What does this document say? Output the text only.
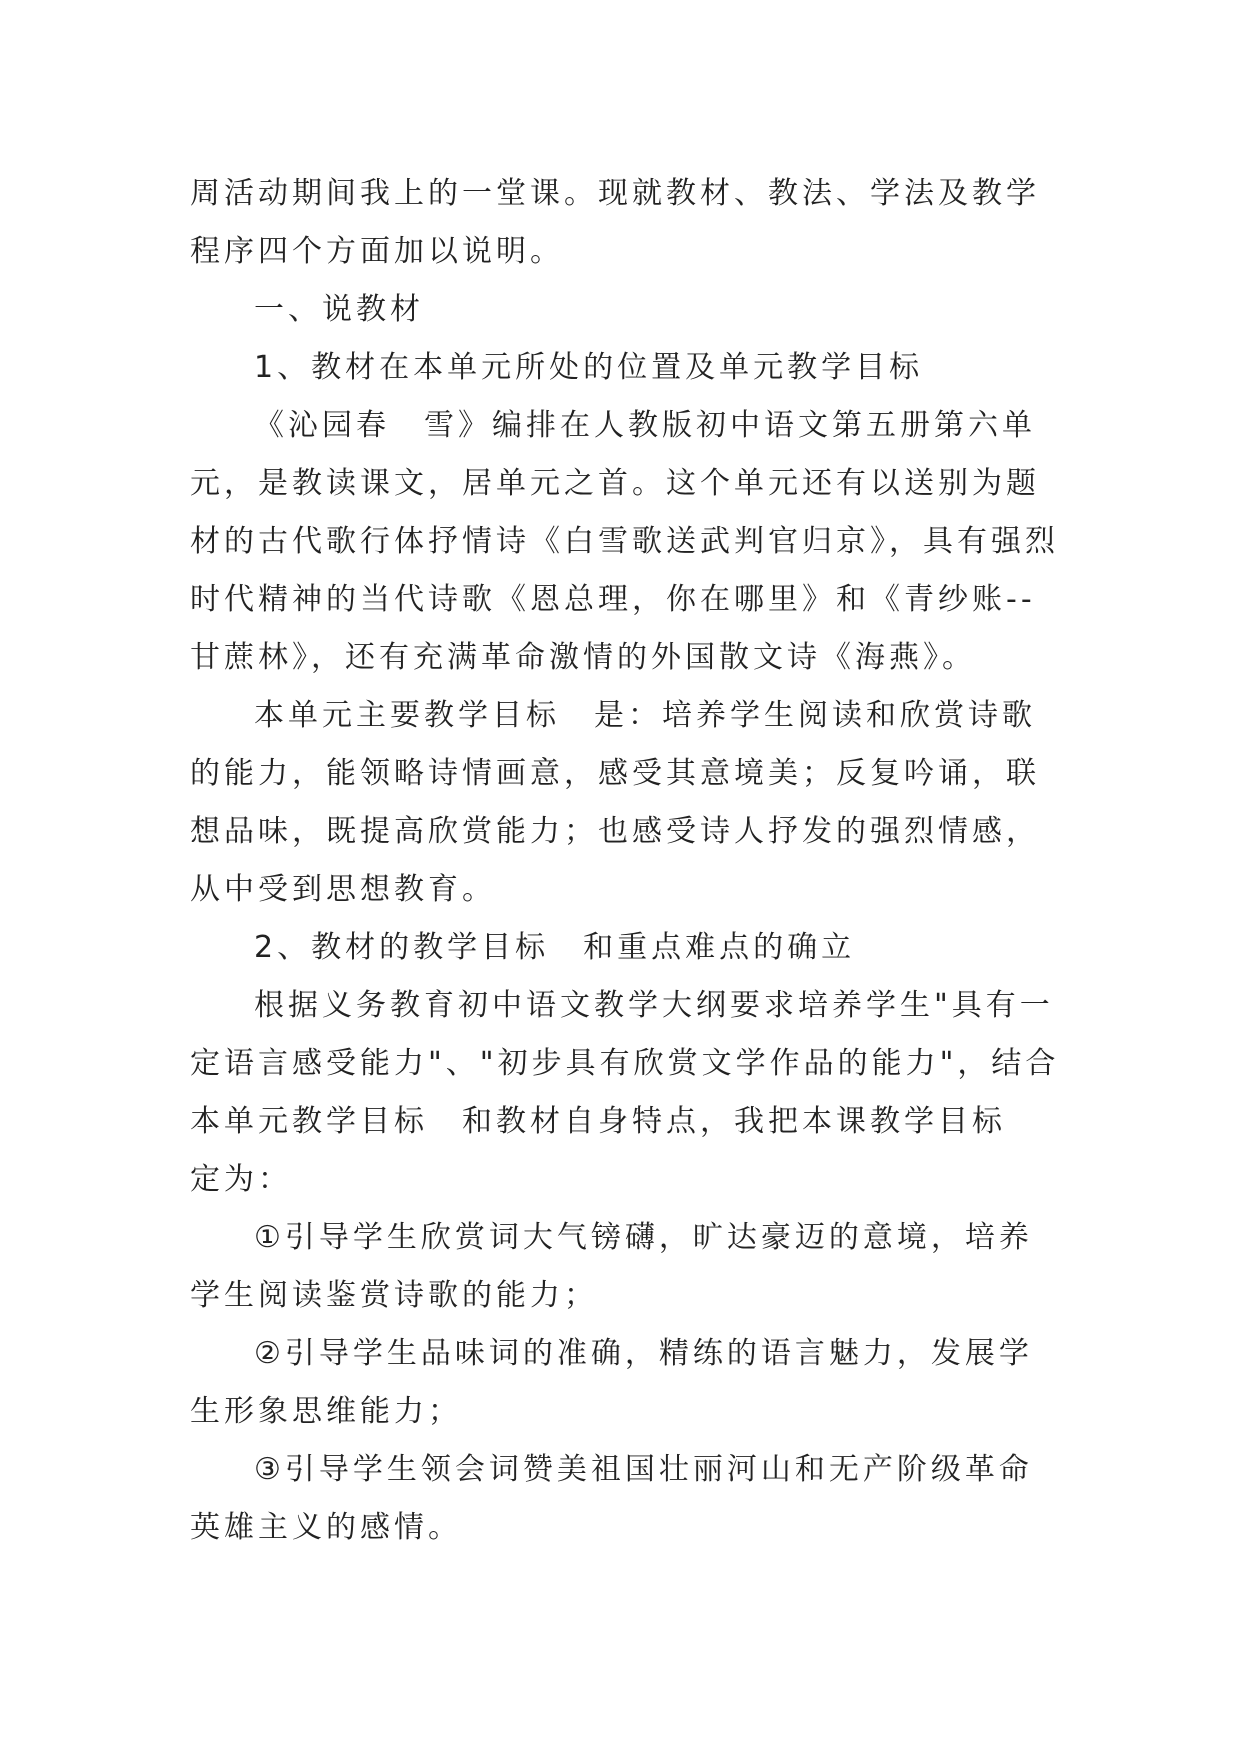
周活动期间我上的一堂课。现就教材、教法、学法及教学程序四个方面加以说明。

一、说教材

1、教材在本单元所处的位置及单元教学目标

《沁园春　雪》编排在人教版初中语文第五册第六单元，是教读课文，居单元之首。这个单元还有以送别为题材的古代歌行体抒情诗《白雪歌送武判官归京》，具有强烈时代精神的当代诗歌《恩总理，你在哪里》和《青纱账--甘蔗林》，还有充满革命激情的外国散文诗《海燕》。

本单元主要教学目标　是：培养学生阅读和欣赏诗歌的能力，能领略诗情画意，感受其意境美；反复吟诵，联想品味，既提高欣赏能力；也感受诗人抒发的强烈情感，从中受到思想教育。

2、教材的教学目标　和重点难点的确立

根据义务教育初中语文教学大纲要求培养学生"具有一定语言感受能力"、"初步具有欣赏文学作品的能力"，结合本单元教学目标　和教材自身特点，我把本课教学目标　定为：

①引导学生欣赏词大气镑礴，旷达豪迈的意境，培养学生阅读鉴赏诗歌的能力；

②引导学生品味词的准确，精练的语言魅力，发展学生形象思维能力；

③引导学生领会词赞美祖国壮丽河山和无产阶级革命英雄主义的感情。
